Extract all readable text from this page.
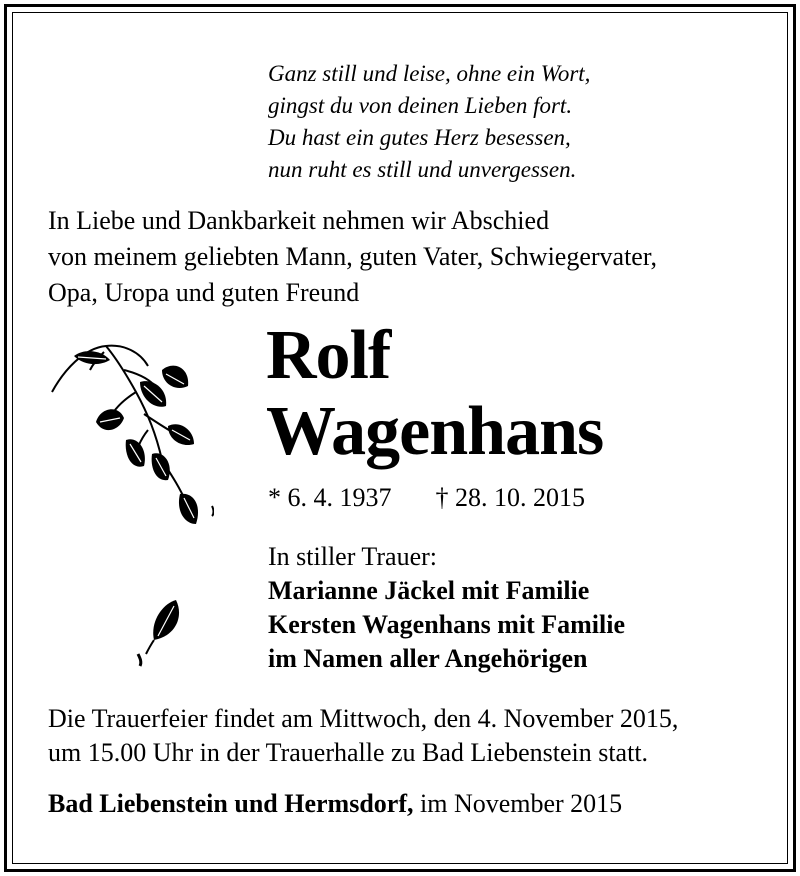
Ganz still und leise, ohne ein Wort,

gingst du von deinen Lieben fort.

Du hast ein gutes Herz besessen,

nun ruht es still und unvergessen.

In Liebe und Dankbarkeit nehmen wir Abschied

von meinem geliebten Mann, guten Vater, Schwiegervater,

Opa, Uropa und guten Freund

Rolf

Wagenhans

* 6. 4. 1937 † 28. 10. 2015

In stiller Trauer:

Marianne Jäckel mit Familie

Kersten Wagenhans mit Familie

im Namen aller Angehörigen

Die Trauerfeier findet am Mittwoch, den 4. November 2015,

um 15.00 Uhr in der Trauerhalle zu Bad Liebenstein statt.

Bad Liebenstein und Hermsdorf, im November 2015
